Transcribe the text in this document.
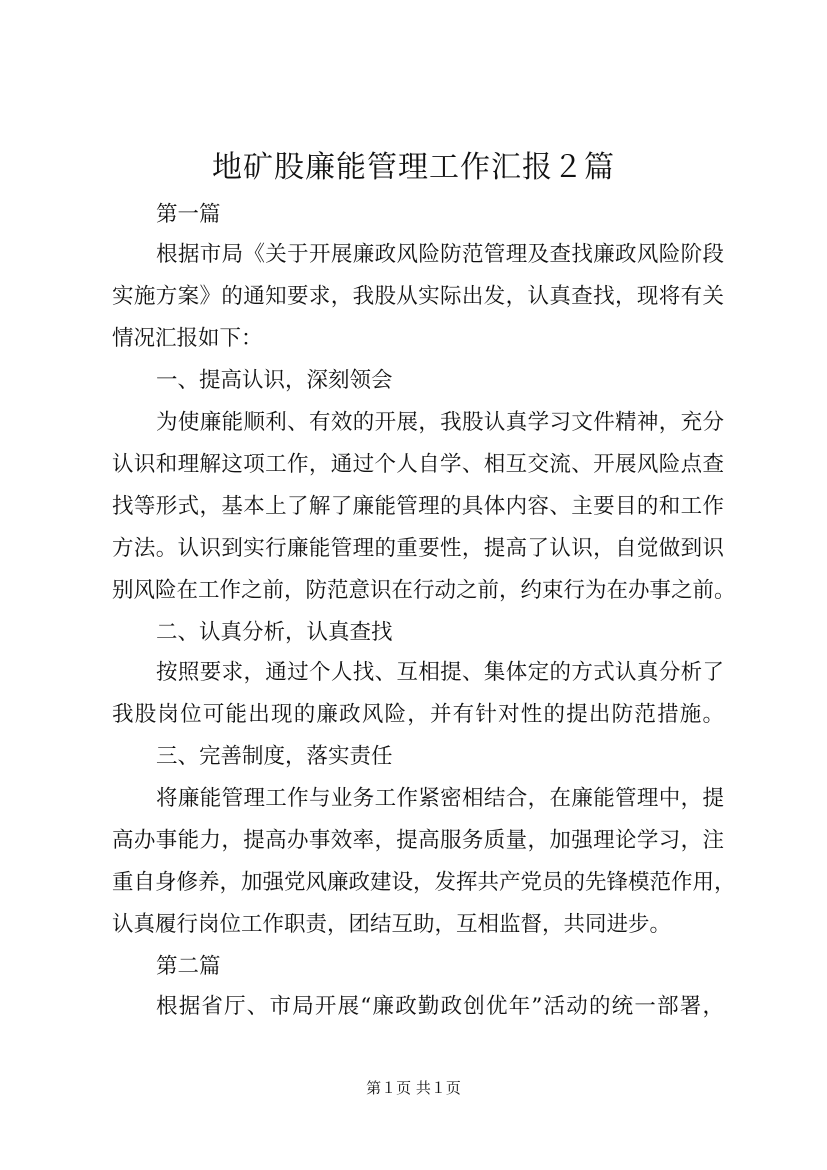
地矿股廉能管理工作汇报２篇
第一篇
根据市局《关于开展廉政风险防范管理及查找廉政风险阶段
实施方案》的通知要求，我股从实际出发，认真查找，现将有关
情况汇报如下：
一、提高认识，深刻领会
为使廉能顺利、有效的开展，我股认真学习文件精神，充分
认识和理解这项工作，通过个人自学、相互交流、开展风险点查
找等形式，基本上了解了廉能管理的具体内容、主要目的和工作
方法。认识到实行廉能管理的重要性，提高了认识，自觉做到识
别风险在工作之前，防范意识在行动之前，约束行为在办事之前。
二、认真分析，认真查找
按照要求，通过个人找、互相提、集体定的方式认真分析了
我股岗位可能出现的廉政风险，并有针对性的提出防范措施。
三、完善制度，落实责任
将廉能管理工作与业务工作紧密相结合，在廉能管理中，提
高办事能力，提高办事效率，提高服务质量，加强理论学习，注
重自身修养，加强党风廉政建设，发挥共产党员的先锋模范作用，
认真履行岗位工作职责，团结互助，互相监督，共同进步。
第二篇
根据省厅、市局开展“廉政勤政创优年”活动的统一部署，
第１页 共１页
